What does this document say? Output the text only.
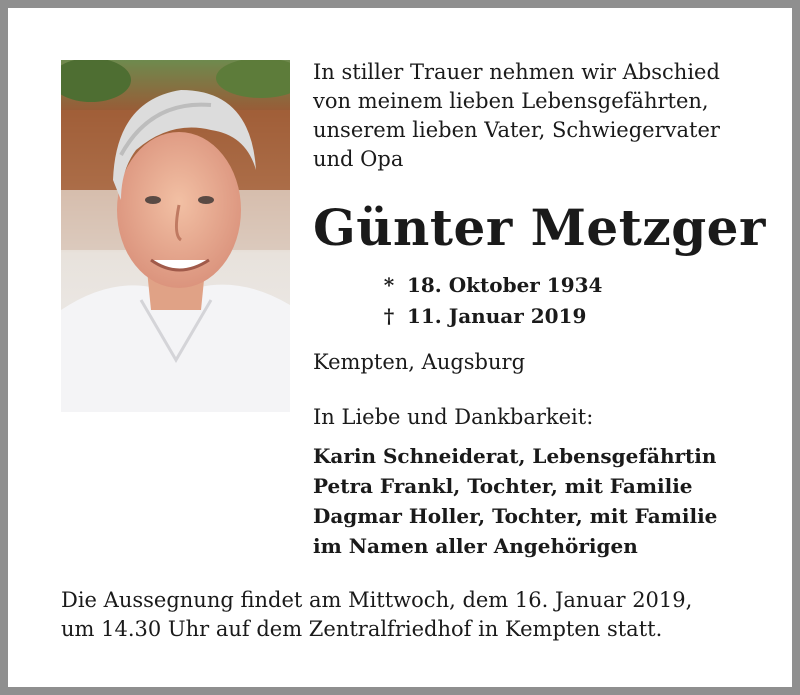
In stiller Trauer nehmen wir Abschied
von meinem lieben Lebensgefährten,
unserem lieben Vater, Schwiegervater
und Opa
Günter Metzger
* 18. Oktober 1934
† 11. Januar 2019
Kempten, Augsburg
In Liebe und Dankbarkeit:
Karin Schneiderat, Lebensgefährtin
Petra Frankl, Tochter, mit Familie
Dagmar Holler, Tochter, mit Familie
im Namen aller Angehörigen
Die Aussegnung findet am Mittwoch, dem 16. Januar 2019,
um 14.30 Uhr auf dem Zentralfriedhof in Kempten statt.
